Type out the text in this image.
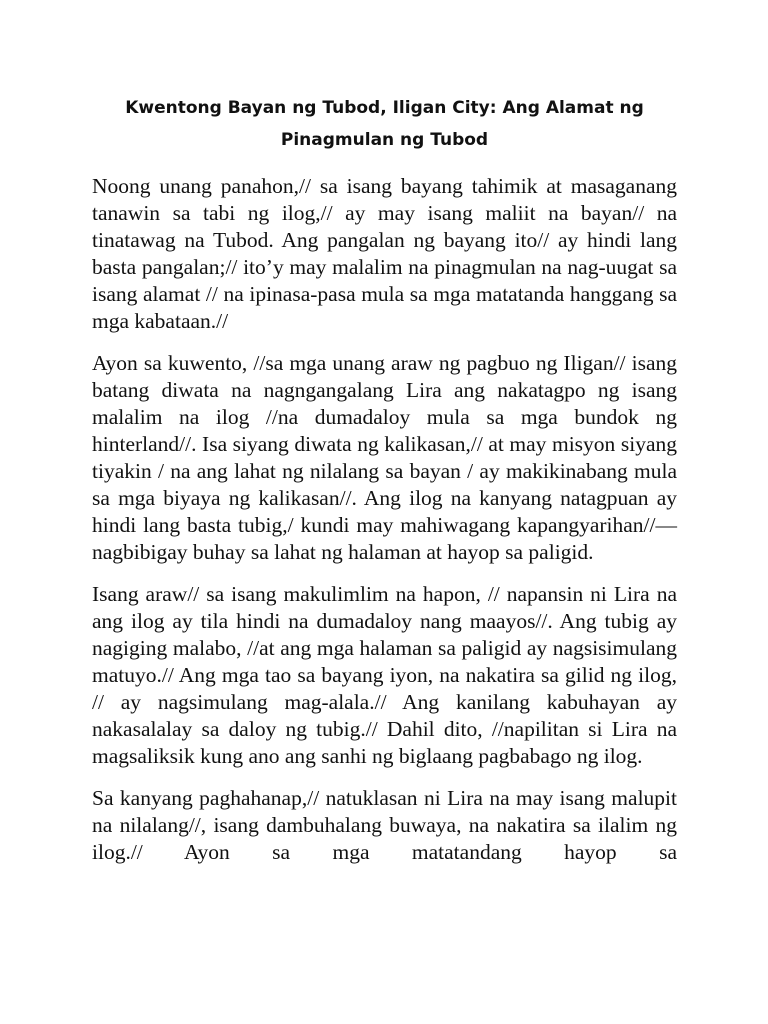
Kwentong Bayan ng Tubod, Iligan City: Ang Alamat ng Pinagmulan ng Tubod

Noong unang panahon,// sa isang bayang tahimik at masaganang tanawin sa tabi ng ilog,// ay may isang maliit na bayan// na tinatawag na Tubod. Ang pangalan ng bayang ito// ay hindi lang basta pangalan;// ito’y may malalim na pinagmulan na nag-uugat sa isang alamat // na ipinasa-pasa mula sa mga matatanda hanggang sa mga kabataan.//

Ayon sa kuwento, //sa mga unang araw ng pagbuo ng Iligan// isang batang diwata na nagngangalang Lira ang nakatagpo ng isang malalim na ilog //na dumadaloy mula sa mga bundok ng hinterland//. Isa siyang diwata ng kalikasan,// at may misyon siyang tiyakin / na ang lahat ng nilalang sa bayan / ay makikinabang mula sa mga biyaya ng kalikasan//. Ang ilog na kanyang natagpuan ay hindi lang basta tubig,/ kundi may mahiwagang kapangyarihan//—nagbibigay buhay sa lahat ng halaman at hayop sa paligid.

Isang araw// sa isang makulimlim na hapon, // napansin ni Lira na ang ilog ay tila hindi na dumadaloy nang maayos//. Ang tubig ay nagiging malabo, //at ang mga halaman sa paligid ay nagsisimulang matuyo.// Ang mga tao sa bayang iyon, na nakatira sa gilid ng ilog, // ay nagsimulang mag-alala.// Ang kanilang kabuhayan ay nakasalalay sa daloy ng tubig.// Dahil dito, //napilitan si Lira na magsaliksik kung ano ang sanhi ng biglaang pagbabago ng ilog.

Sa kanyang paghahanap,// natuklasan ni Lira na may isang malupit na nilalang//, isang dambuhalang buwaya, na nakatira sa ilalim ng ilog.// Ayon sa mga matatandang hayop sa
